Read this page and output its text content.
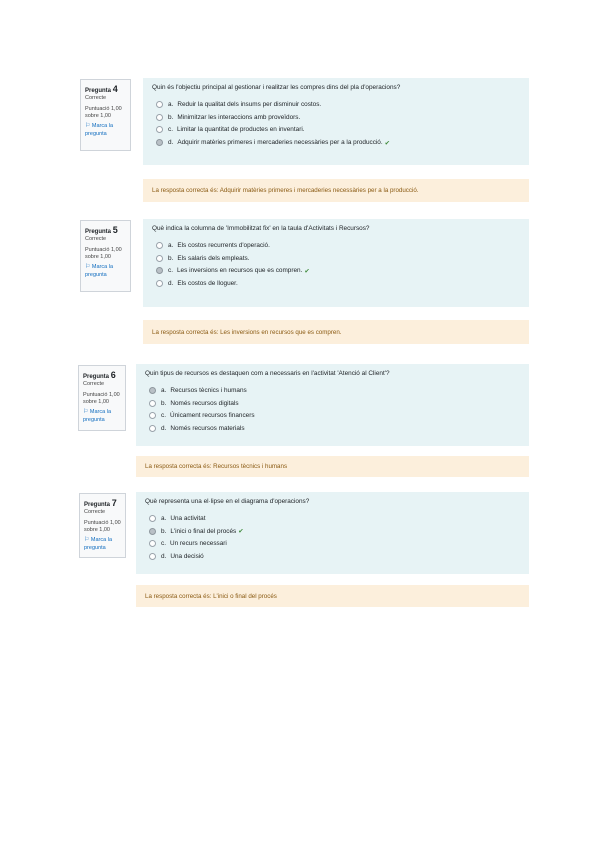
Pregunta 4
Correcte
Puntuació 1,00 sobre 1,00
⚐ Marca la pregunta
Quin és l'objectiu principal al gestionar i realitzar les compres dins del pla d'operacions?
a. Reduir la qualitat dels insums per disminuir costos.
b. Minimitzar les interaccions amb proveïdors.
c. Limitar la quantitat de productes en inventari.
d. Adquirir matèries primeres i mercaderies necessàries per a la producció. ✔
La resposta correcta és: Adquirir matèries primeres i mercaderies necessàries per a la producció.
Pregunta 5
Correcte
Puntuació 1,00 sobre 1,00
⚐ Marca la pregunta
Què indica la columna de 'Immobilitzat fix' en la taula d'Activitats i Recursos?
a. Els costos recurrents d'operació.
b. Els salaris dels empleats.
c. Les inversions en recursos que es compren. ✔
d. Els costos de lloguer.
La resposta correcta és: Les inversions en recursos que es compren.
Pregunta 6
Correcte
Puntuació 1,00 sobre 1,00
⚐ Marca la pregunta
Quin tipus de recursos es destaquen com a necessaris en l'activitat 'Atenció al Client'?
a. Recursos tècnics i humans
b. Només recursos digitals
c. Únicament recursos financers
d. Només recursos materials
La resposta correcta és: Recursos tècnics i humans
Pregunta 7
Correcte
Puntuació 1,00 sobre 1,00
⚐ Marca la pregunta
Què representa una el·lipse en el diagrama d'operacions?
a. Una activitat
b. L'inici o final del procés ✔
c. Un recurs necessari
d. Una decisió
La resposta correcta és: L'inici o final del procés
